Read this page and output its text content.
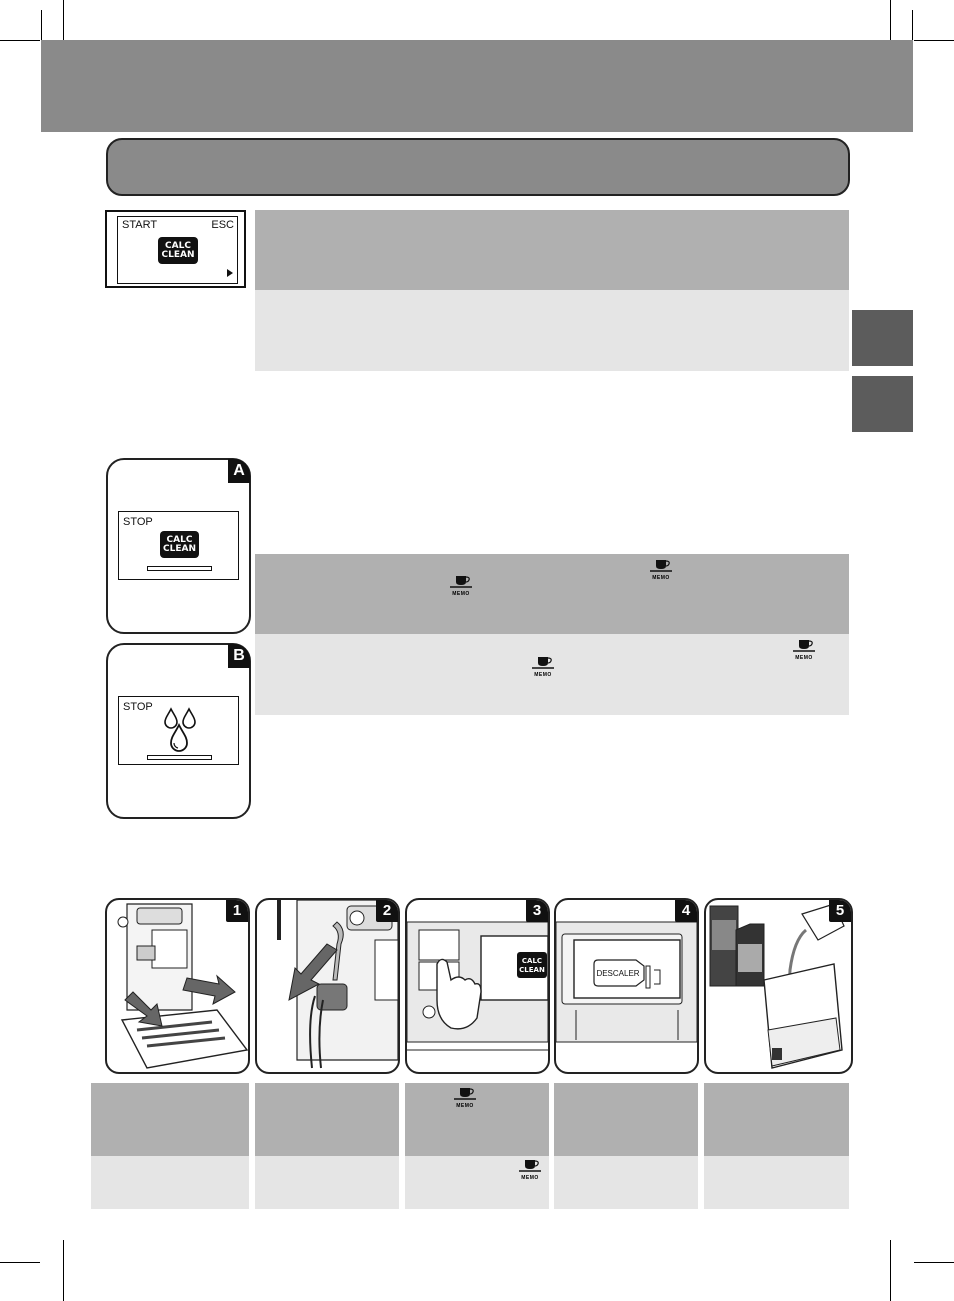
START	ESC
CALC
CLEAN
A
STOP
CALC
CLEAN
B
STOP
MEMO
MEMO
MEMO
MEMO
1	2	3
CALC
CLEAN
4
DESCALER
5
MEMO
MEMO
